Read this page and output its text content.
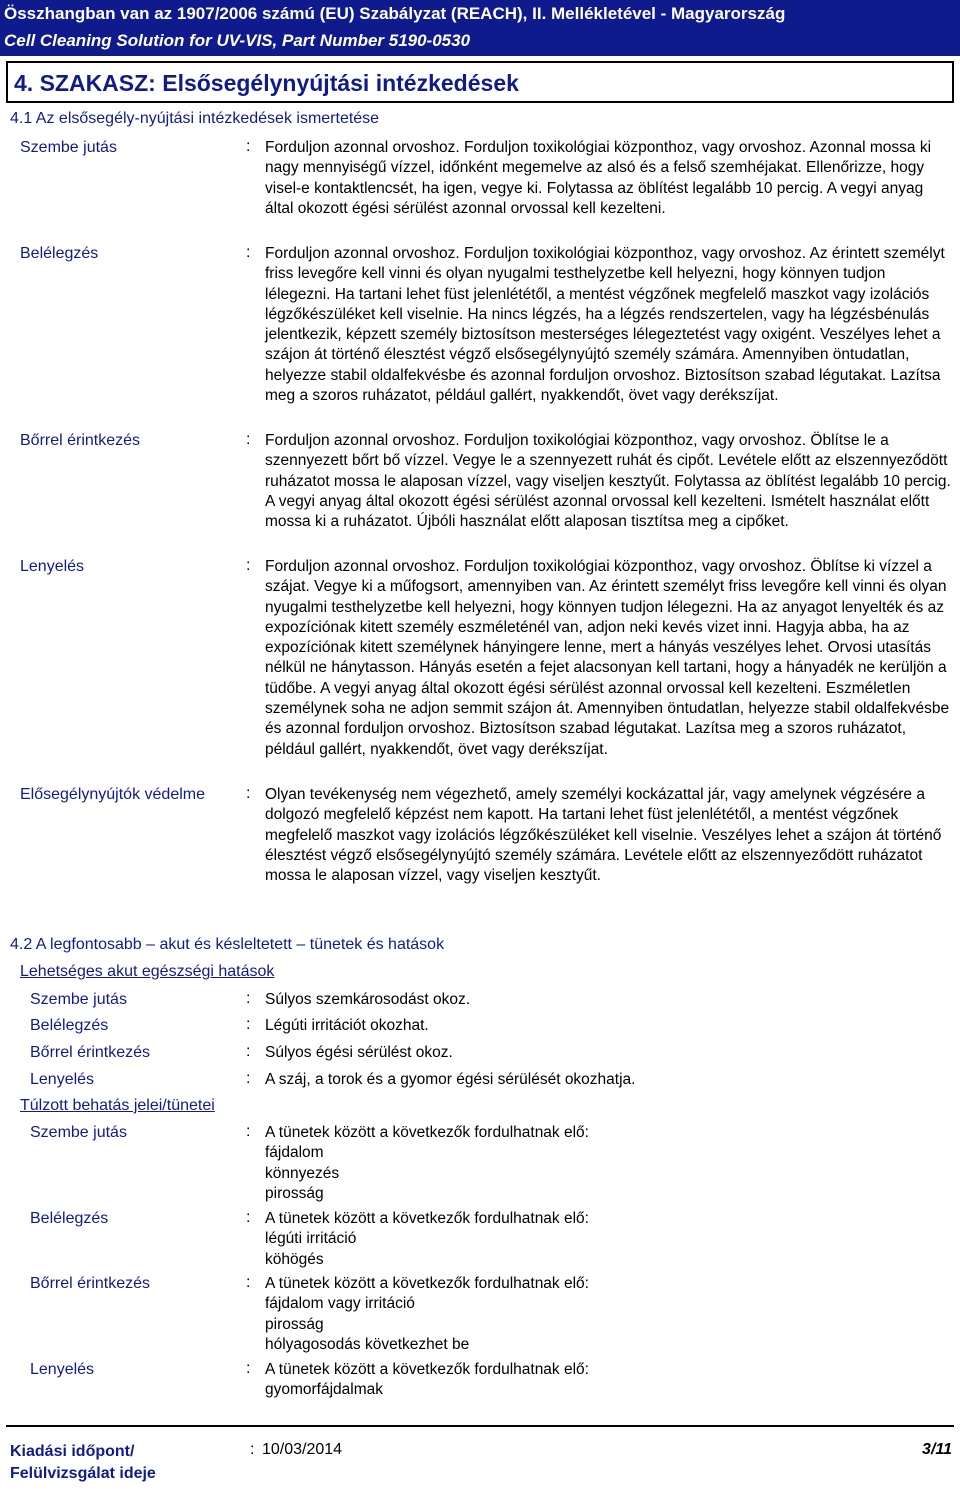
Összhangban van az 1907/2006 számú (EU) Szabályzat (REACH), II. Mellékletével - Magyarország
Cell Cleaning Solution for UV-VIS, Part Number 5190-0530
4. SZAKASZ: Elsősegélynyújtási intézkedések
4.1 Az elsősegély-nyújtási intézkedések ismertetése
Szembe jutás	: Forduljon azonnal orvoshoz. Forduljon toxikológiai központhoz, vagy orvoshoz. Azonnal mossa ki nagy mennyiségű vízzel, időnként megemelve az alsó és a felső szemhéjakat. Ellenőrizze, hogy visel-e kontaktlencsét, ha igen, vegye ki. Folytassa az öblítést legalább 10 percig. A vegyi anyag által okozott égési sérülést azonnal orvossal kell kezelteni.
Belélegzés	: Forduljon azonnal orvoshoz. Forduljon toxikológiai központhoz, vagy orvoshoz. Az érintett személyt friss levegőre kell vinni és olyan nyugalmi testhelyzetbe kell helyezni, hogy könnyen tudjon lélegezni. Ha tartani lehet füst jelenlététől, a mentést végzőnek megfelelő maszkot vagy izolációs légzőkészüléket kell viselnie. Ha nincs légzés, ha a légzés rendszertelen, vagy ha légzésbénulás jelentkezik, képzett személy biztosítson mesterséges lélegeztetést vagy oxigént. Veszélyes lehet a szájon át történő élesztést végző elsősegélynyújtó személy számára. Amennyiben öntudatlan, helyezze stabil oldalfekvésbe és azonnal forduljon orvoshoz. Biztosítson szabad légutakat. Lazítsa meg a szoros ruházatot, például gallért, nyakkendőt, övet vagy derékszíjat.
Bőrrel érintkezés	: Forduljon azonnal orvoshoz. Forduljon toxikológiai központhoz, vagy orvoshoz. Öblítse le a szennyezett bőrt bő vízzel. Vegye le a szennyezett ruhát és cipőt. Levétele előtt az elszennyeződött ruházatot mossa le alaposan vízzel, vagy viseljen kesztyűt. Folytassa az öblítést legalább 10 percig. A vegyi anyag által okozott égési sérülést azonnal orvossal kell kezelteni. Ismételt használat előtt mossa ki a ruházatot. Újbóli használat előtt alaposan tisztítsa meg a cipőket.
Lenyelés	: Forduljon azonnal orvoshoz. Forduljon toxikológiai központhoz, vagy orvoshoz. Öblítse ki vízzel a szájat. Vegye ki a műfogsort, amennyiben van. Az érintett személyt friss levegőre kell vinni és olyan nyugalmi testhelyzetbe kell helyezni, hogy könnyen tudjon lélegezni. Ha az anyagot lenyelték és az expozíciónak kitett személy eszméleténél van, adjon neki kevés vizet inni. Hagyja abba, ha az expozíciónak kitett személynek hányingere lenne, mert a hányás veszélyes lehet. Orvosi utasítás nélkül ne hánytasson. Hányás esetén a fejet alacsonyan kell tartani, hogy a hányadék ne kerüljön a tüdőbe. A vegyi anyag által okozott égési sérülést azonnal orvossal kell kezelteni. Eszméletlen személynek soha ne adjon semmit szájon át. Amennyiben öntudatlan, helyezze stabil oldalfekvésbe és azonnal forduljon orvoshoz. Biztosítson szabad légutakat. Lazítsa meg a szoros ruházatot, például gallért, nyakkendőt, övet vagy derékszíjat.
Elősegélynyújtók védelme	: Olyan tevékenység nem végezhető, amely személyi kockázattal jár, vagy amelynek végzésére a dolgozó megfelelő képzést nem kapott. Ha tartani lehet füst jelenlététől, a mentést végzőnek megfelelő maszkot vagy izolációs légzőkészüléket kell viselnie. Veszélyes lehet a szájon át történő élesztést végző elsősegélynyújtó személy számára. Levétele előtt az elszennyeződött ruházatot mossa le alaposan vízzel, vagy viseljen kesztyűt.
4.2 A legfontosabb – akut és késleltetett – tünetek és hatások
Lehetséges akut egészségi hatások
Szembe jutás	: Súlyos szemkárosodást okoz.
Belélegzés	: Légúti irritációt okozhat.
Bőrrel érintkezés	: Súlyos égési sérülést okoz.
Lenyelés	: A száj, a torok és a gyomor égési sérülését okozhatja.
Túlzott behatás jelei/tünetei
Szembe jutás	: A tünetek között a következők fordulhatnak elő:
fájdalom
könnyezés
pirosság
Belélegzés	: A tünetek között a következők fordulhatnak elő:
légúti irritáció
köhögés
Bőrrel érintkezés	: A tünetek között a következők fordulhatnak elő:
fájdalom vagy irritáció
pirosság
hólyagosodás következhet be
Lenyelés	: A tünetek között a következők fordulhatnak elő:
gyomorfájdalmak
Kiadási időpont/
Felülvizsgálat ideje
: 10/03/2014	3/11
